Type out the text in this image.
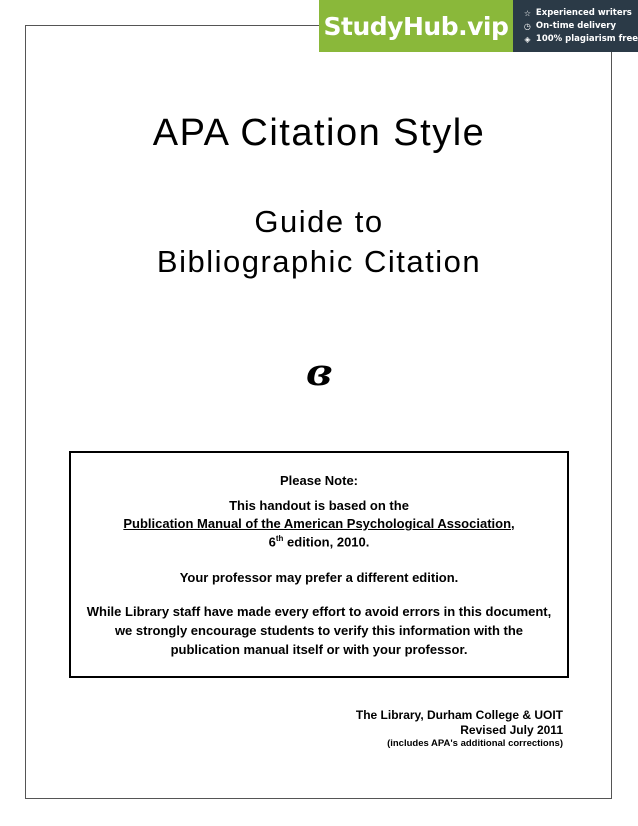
StudyHub.vip ☆ Experienced writers
◷ On-time delivery
◈ 100% plagiarism free
APA Citation Style
Guide to
Bibliographic Citation
ɞ
Please Note:
This handout is based on the
Publication Manual of the American Psychological Association,
6th edition, 2010.
Your professor may prefer a different edition.
While Library staff have made every effort to avoid errors in this document,
we strongly encourage students to verify this information with the
publication manual itself or with your professor.
The Library, Durham College & UOIT
Revised July 2011
(includes APA's additional corrections)
